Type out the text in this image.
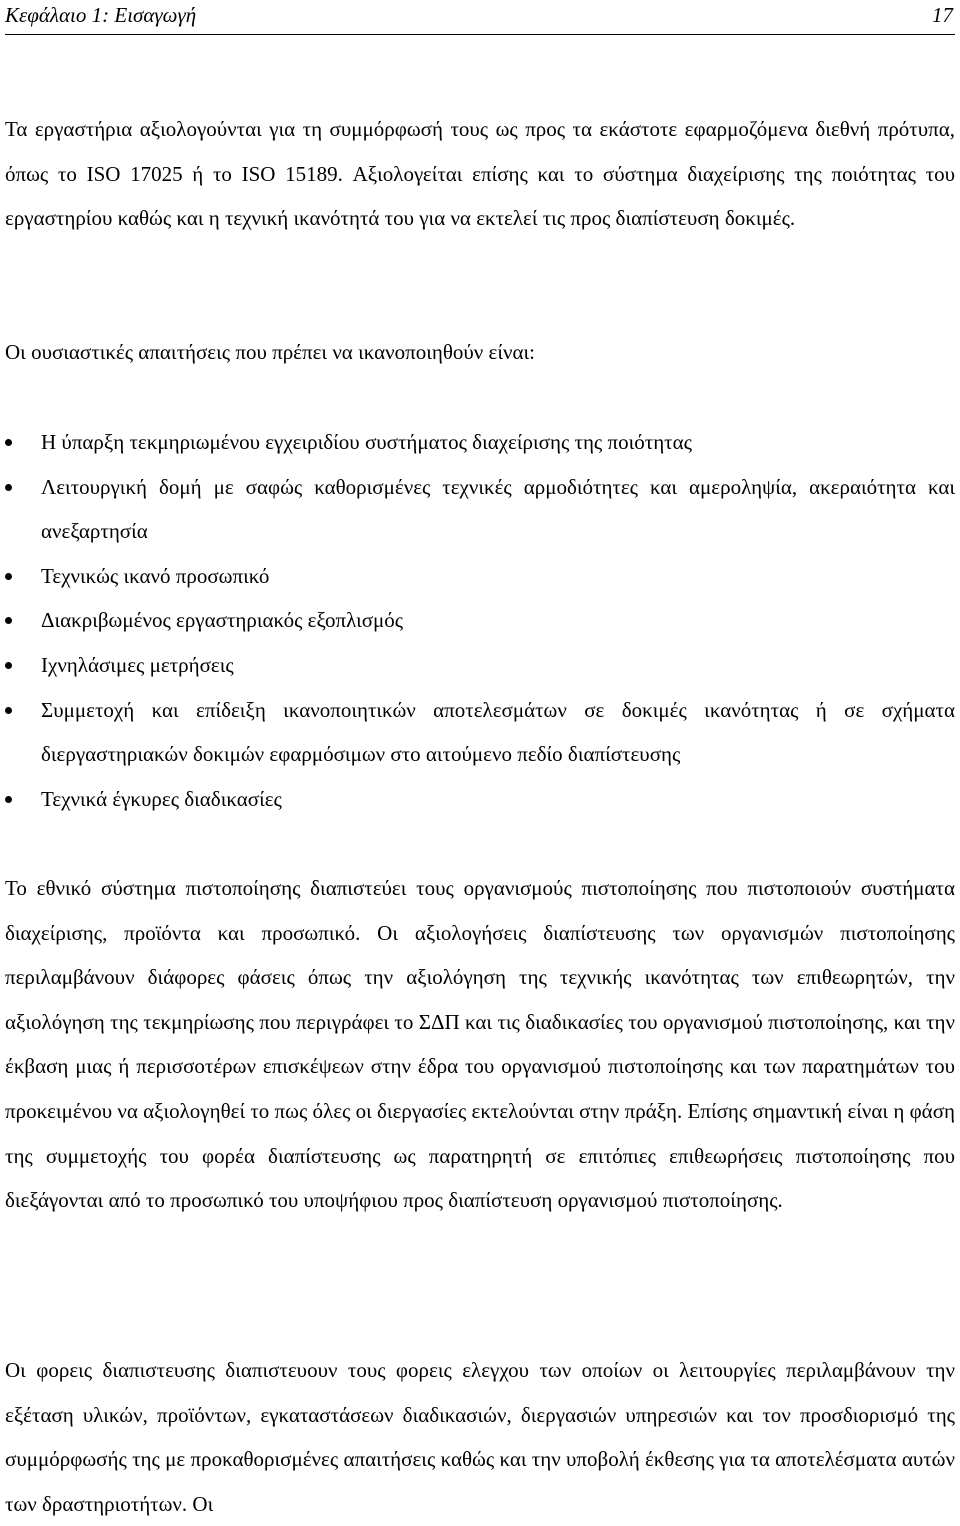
Κεφάλαιο 1: Εισαγωγή	17

Τα εργαστήρια αξιολογούνται για τη συμμόρφωσή τους ως προς τα εκάστοτε εφαρμοζόμενα διεθνή πρότυπα, όπως το ISO 17025 ή το ISO 15189. Αξιολογείται επίσης και το σύστημα διαχείρισης της ποιότητας του εργαστηρίου καθώς και η τεχνική ικανότητά του για να εκτελεί τις προς διαπίστευση δοκιμές.

Οι ουσιαστικές απαιτήσεις που πρέπει να ικανοποιηθούν είναι:

Η ύπαρξη τεκμηριωμένου εγχειριδίου συστήματος διαχείρισης της ποιότητας
Λειτουργική δομή με σαφώς καθορισμένες τεχνικές αρμοδιότητες και αμεροληψία, ακεραιότητα και ανεξαρτησία
Τεχνικώς ικανό προσωπικό
Διακριβωμένος εργαστηριακός εξοπλισμός
Ιχνηλάσιμες μετρήσεις
Συμμετοχή και επίδειξη ικανοποιητικών αποτελεσμάτων σε δοκιμές ικανότητας ή σε σχήματα διεργαστηριακών δοκιμών εφαρμόσιμων στο αιτούμενο πεδίο διαπίστευσης
Τεχνικά έγκυρες διαδικασίες

Το εθνικό σύστημα πιστοποίησης διαπιστεύει τους οργανισμούς πιστοποίησης που πιστοποιούν συστήματα διαχείρισης, προϊόντα και προσωπικό. Οι αξιολογήσεις διαπίστευσης των οργανισμών πιστοποίησης περιλαμβάνουν διάφορες φάσεις όπως την αξιολόγηση της τεχνικής ικανότητας των επιθεωρητών, την αξιολόγηση της τεκμηρίωσης που περιγράφει το ΣΔΠ και τις διαδικασίες του οργανισμού πιστοποίησης, και την έκβαση μιας ή περισσοτέρων επισκέψεων στην έδρα του οργανισμού πιστοποίησης και των παρατημάτων του προκειμένου να αξιολογηθεί το πως όλες οι διεργασίες εκτελούνται στην πράξη. Επίσης σημαντική είναι η φάση της συμμετοχής του φορέα διαπίστευσης ως παρατηρητή σε επιτόπιες επιθεωρήσεις πιστοποίησης που διεξάγονται από το προσωπικό του υποψήφιου προς διαπίστευση οργανισμού πιστοποίησης.

Οι φορεις διαπιστευσης διαπιστευουν τους φορεις ελεγχου των οποίων οι λειτουργίες περιλαμβάνουν την εξέταση υλικών, προϊόντων, εγκαταστάσεων διαδικασιών, διεργασιών υπηρεσιών και τον προσδιορισμό της συμμόρφωσής της με προκαθορισμένες απαιτήσεις καθώς και την υποβολή έκθεσης για τα αποτελέσματα αυτών των δραστηριοτήτων. Οι
